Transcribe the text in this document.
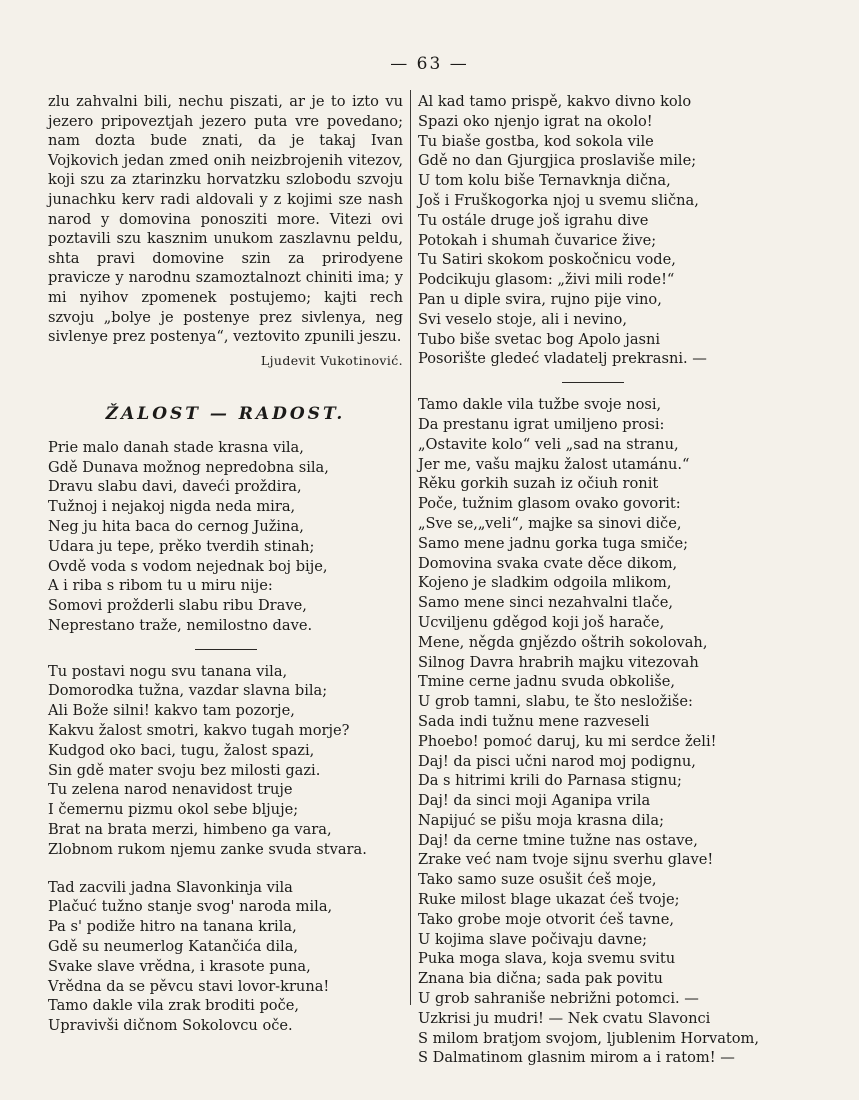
— 63 —

zlu zahvalni bili, nechu piszati, ar je to izto vu jezero pripoveztjah jezero puta vre povedano; nam dozta bude znati, da je takaj Ivan Vojkovich jedan zmed onih neizbrojenih vitezov, koji szu za ztarinzku horvatzku szlobodu szvoju junachku kerv radi aldovali y z kojimi sze nash narod y domovina ponosziti more. Vitezi ovi poztavili szu kasznim unukom zaszlavnu peldu, shta pravi domovine szin za prirodyene pravicze y narodnu szamoztalnozt chiniti ima; y mi nyihov zpomenek postujemo; kajti rech szvoju „bolye je postenye prez sivlenya, neg sivlenye prez postenya“, veztovito zpunili jeszu.

Ljudevit Vukotinović.
ŽALOST — RADOST.
Prie malo danah stade krasna vila,
Gdě Dunava možnog nepredobna sila,
Dravu slabu davi, daveći proždira,
Tužnoj i nejakoj nigda neda mira,
Neg ju hita baca do cernog Južina,
Udara ju tepe, prěko tverdih stinah;
Ovdě voda s vodom nejednak boj bije,
A i riba s ribom tu u miru nije:
Somovi prožderli slabu ribu Drave,
Neprestano traže, nemilostno dave.
Tu postavi nogu svu tanana vila,
Domorodka tužna, vazdar slavna bila;
Ali Bože silni! kakvo tam pozorje,
Kakvu žalost smotri, kakvo tugah morje?
Kudgod oko baci, tugu, žalost spazi,
Sin gdě mater svoju bez milosti gazi.
Tu zelena narod nenavidost truje
I čemernu pizmu okol sebe bljuje;
Brat na brata merzi, himbeno ga vara,
Zlobnom rukom njemu zanke svuda stvara.
Tad zacvili jadna Slavonkinja vila
Plačuć tužno stanje svog' naroda mila,
Pa s' podiže hitro na tanana krila,
Gdě su neumerlog Katančića dila,
Svake slave vrědna, i krasote puna,
Vrědna da se pěvcu stavi lovor-kruna!
Tamo dakle vila zrak broditi poče,
Upravivši dičnom Sokolovcu oče.
Al kad tamo prispě, kakvo divno kolo
Spazi oko njenjo igrat na okolo!
Tu biaše gostba, kod sokola vile
Gdě no dan Gjurgjica proslaviše mile;
U tom kolu biše Ternavknja dična,
Još i Fruškogorka njoj u svemu slična,
Tu ostále druge još igrahu dive
Potokah i shumah čuvarice žive;
Tu Satiri skokom poskočnicu vode,
Podcikuju glasom: „živi mili rode!“
Pan u diple svira, rujno pije vino,
Svi veselo stoje, ali i nevino,
Tubo biše svetac bog Apolo jasni
Posorište gledeć vladatelj prekrasni. —
Tamo dakle vila tužbe svoje nosi,
Da prestanu igrat umiljeno prosi:
„Ostavite kolo“ veli „sad na stranu,
Jer me, vašu majku žalost utamánu.“
Rěku gorkih suzah iz očiuh ronit
Poče, tužnim glasom ovako govorit:
„Sve se,„veli“, majke sa sinovi diče,
Samo mene jadnu gorka tuga smiče;
Domovina svaka cvate děce dikom,
Kojeno je sladkim odgoila mlikom,
Samo mene sinci nezahvalni tlače,
Ucviljenu gděgod koji još harače,
Mene, něgda gnjězdo oštrih sokolovah,
Silnog Davra hrabrih majku vitezovah
Tmine cerne jadnu svuda obkoliše,
U grob tamni, slabu, te što nesložiše:
Sada indi tužnu mene razveseli
Phoebo! pomoć daruj, ku mi serdce želi!
Daj! da pisci učni narod moj podignu,
Da s hitrimi krili do Parnasa stignu;
Daj! da sinci moji Aganipa vrila
Napijuć se pišu moja krasna dila;
Daj! da cerne tmine tužne nas ostave,
Zrake već nam tvoje sijnu sverhu glave!
Tako samo suze osušit ćeš moje,
Ruke milost blage ukazat ćeš tvoje;
Tako grobe moje otvorit ćeš tavne,
U kojima slave počivaju davne;
Puka moga slava, koja svemu svitu
Znana bia dična; sada pak povitu
U grob sahraniše nebrižni potomci. —
Uzkrisi ju mudri! — Nek cvatu Slavonci
S milom bratjom svojom, ljublenim Horvatom,
S Dalmatinom glasnim mirom a i ratom! —
